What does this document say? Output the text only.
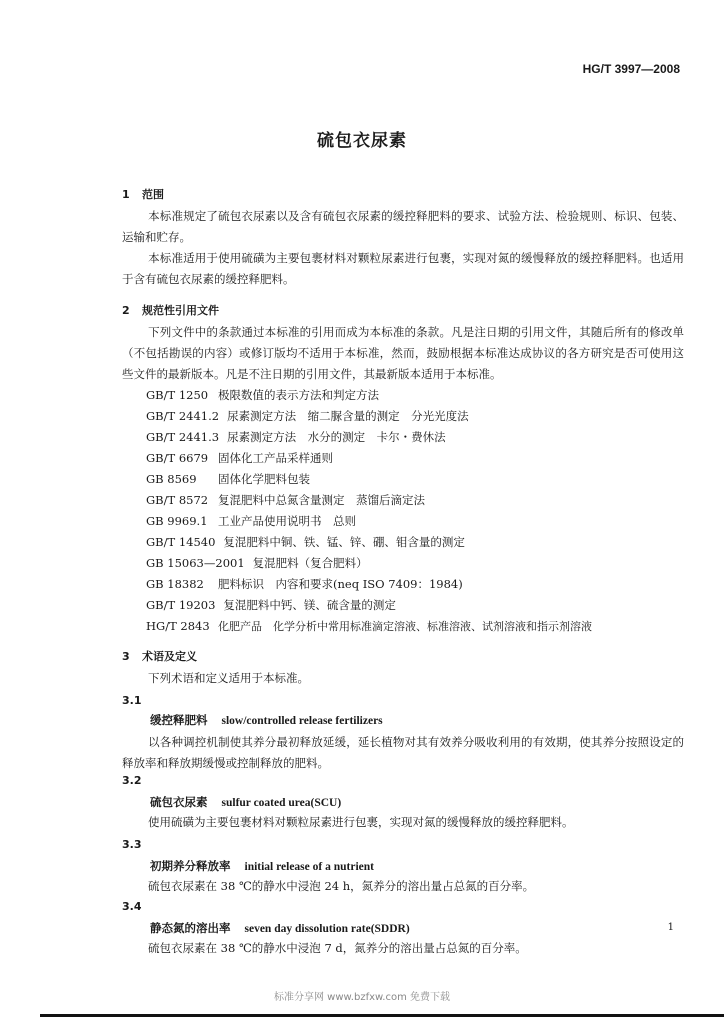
HG/T 3997—2008
硫包衣尿素
1 范围
本标准规定了硫包衣尿素以及含有硫包衣尿素的缓控释肥料的要求、试验方法、检验规则、标识、包装、运输和贮存。
本标准适用于使用硫磺为主要包裹材料对颗粒尿素进行包裹，实现对氮的缓慢释放的缓控释肥料。也适用于含有硫包衣尿素的缓控释肥料。
2 规范性引用文件
下列文件中的条款通过本标准的引用而成为本标准的条款。凡是注日期的引用文件，其随后所有的修改单（不包括勘误的内容）或修订版均不适用于本标准，然而，鼓励根据本标准达成协议的各方研究是否可使用这些文件的最新版本。凡是不注日期的引用文件，其最新版本适用于本标准。
GB/T 1250 极限数值的表示方法和判定方法
GB/T 2441.2 尿素测定方法　缩二脲含量的测定　分光光度法
GB/T 2441.3 尿素测定方法　水分的测定　卡尔・费休法
GB/T 6679 固体化工产品采样通则
GB 8569 固体化学肥料包装
GB/T 8572 复混肥料中总氮含量测定　蒸馏后滴定法
GB 9969.1 工业产品使用说明书　总则
GB/T 14540 复混肥料中铜、铁、锰、锌、硼、钼含量的测定
GB 15063—2001 复混肥料（复合肥料）
GB 18382 肥料标识　内容和要求(neq ISO 7409：1984)
GB/T 19203 复混肥料中钙、镁、硫含量的测定
HG/T 2843 化肥产品　化学分析中常用标准滴定溶液、标准溶液、试剂溶液和指示剂溶液
3 术语及定义
下列术语和定义适用于本标准。
3.1
缓控释肥料 slow/controlled release fertilizers
以各种调控机制使其养分最初释放延缓，延长植物对其有效养分吸收利用的有效期，使其养分按照设定的释放率和释放期缓慢或控制释放的肥料。
3.2
硫包衣尿素 sulfur coated urea(SCU)
使用硫磺为主要包裹材料对颗粒尿素进行包裹，实现对氮的缓慢释放的缓控释肥料。
3.3
初期养分释放率 initial release of a nutrient
硫包衣尿素在 38 ℃的静水中浸泡 24 h，氮养分的溶出量占总氮的百分率。
3.4
静态氮的溶出率 seven day dissolution rate(SDDR)
硫包衣尿素在 38 ℃的静水中浸泡 7 d，氮养分的溶出量占总氮的百分率。
1
标准分享网 www.bzfxw.com 免费下载
